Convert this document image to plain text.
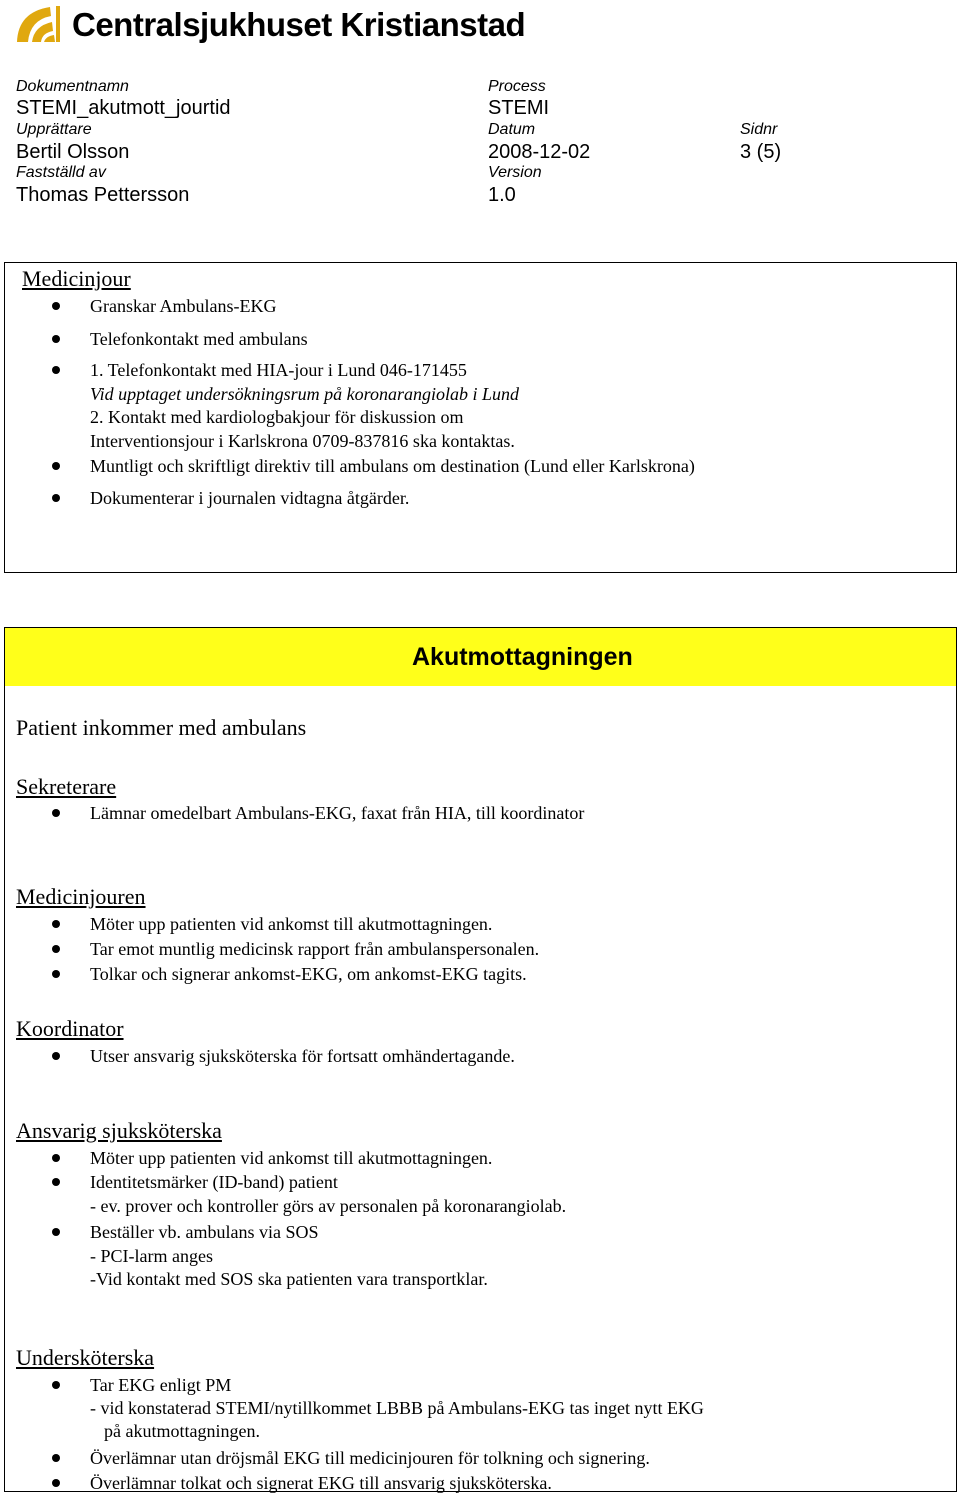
Centralsjukhuset Kristianstad
Dokumentnamn
STEMI_akutmott_jourtid
Process
STEMI
Upprättare
Bertil Olsson
Datum
2008-12-02
Sidnr
3 (5)
Fastställd av
Thomas Pettersson
Version
1.0
Medicinjour
Granskar Ambulans-EKG
Telefonkontakt med ambulans
1. Telefonkontakt med HIA-jour i Lund 046-171455
Vid upptaget undersökningsrum på koronarangiolab i Lund
2. Kontakt med kardiologbakjour för diskussion om
Interventionsjour i Karlskrona 0709-837816 ska kontaktas.
Muntligt och skriftligt direktiv till ambulans om destination (Lund eller Karlskrona)
Dokumenterar i journalen vidtagna åtgärder.
Akutmottagningen
Patient inkommer med ambulans
Sekreterare
Lämnar omedelbart Ambulans-EKG, faxat från HIA, till koordinator
Medicinjouren
Möter upp patienten vid ankomst till akutmottagningen.
Tar emot muntlig medicinsk rapport från ambulanspersonalen.
Tolkar och signerar ankomst-EKG, om ankomst-EKG tagits.
Koordinator
Utser ansvarig sjuksköterska för fortsatt omhändertagande.
Ansvarig sjuksköterska
Möter upp patienten vid ankomst till akutmottagningen.
Identitetsmärker (ID-band) patient
- ev. prover och kontroller görs av personalen på koronarangiolab.
Beställer vb. ambulans via SOS
- PCI-larm anges
-Vid kontakt med SOS ska patienten vara transportklar.
Undersköterska
Tar EKG enligt PM
- vid konstaterad STEMI/nytillkommet LBBB på Ambulans-EKG tas inget nytt EKG
på akutmottagningen.
Överlämnar utan dröjsmål EKG till medicinjouren för tolkning och signering.
Överlämnar tolkat och signerat EKG till ansvarig sjuksköterska.
